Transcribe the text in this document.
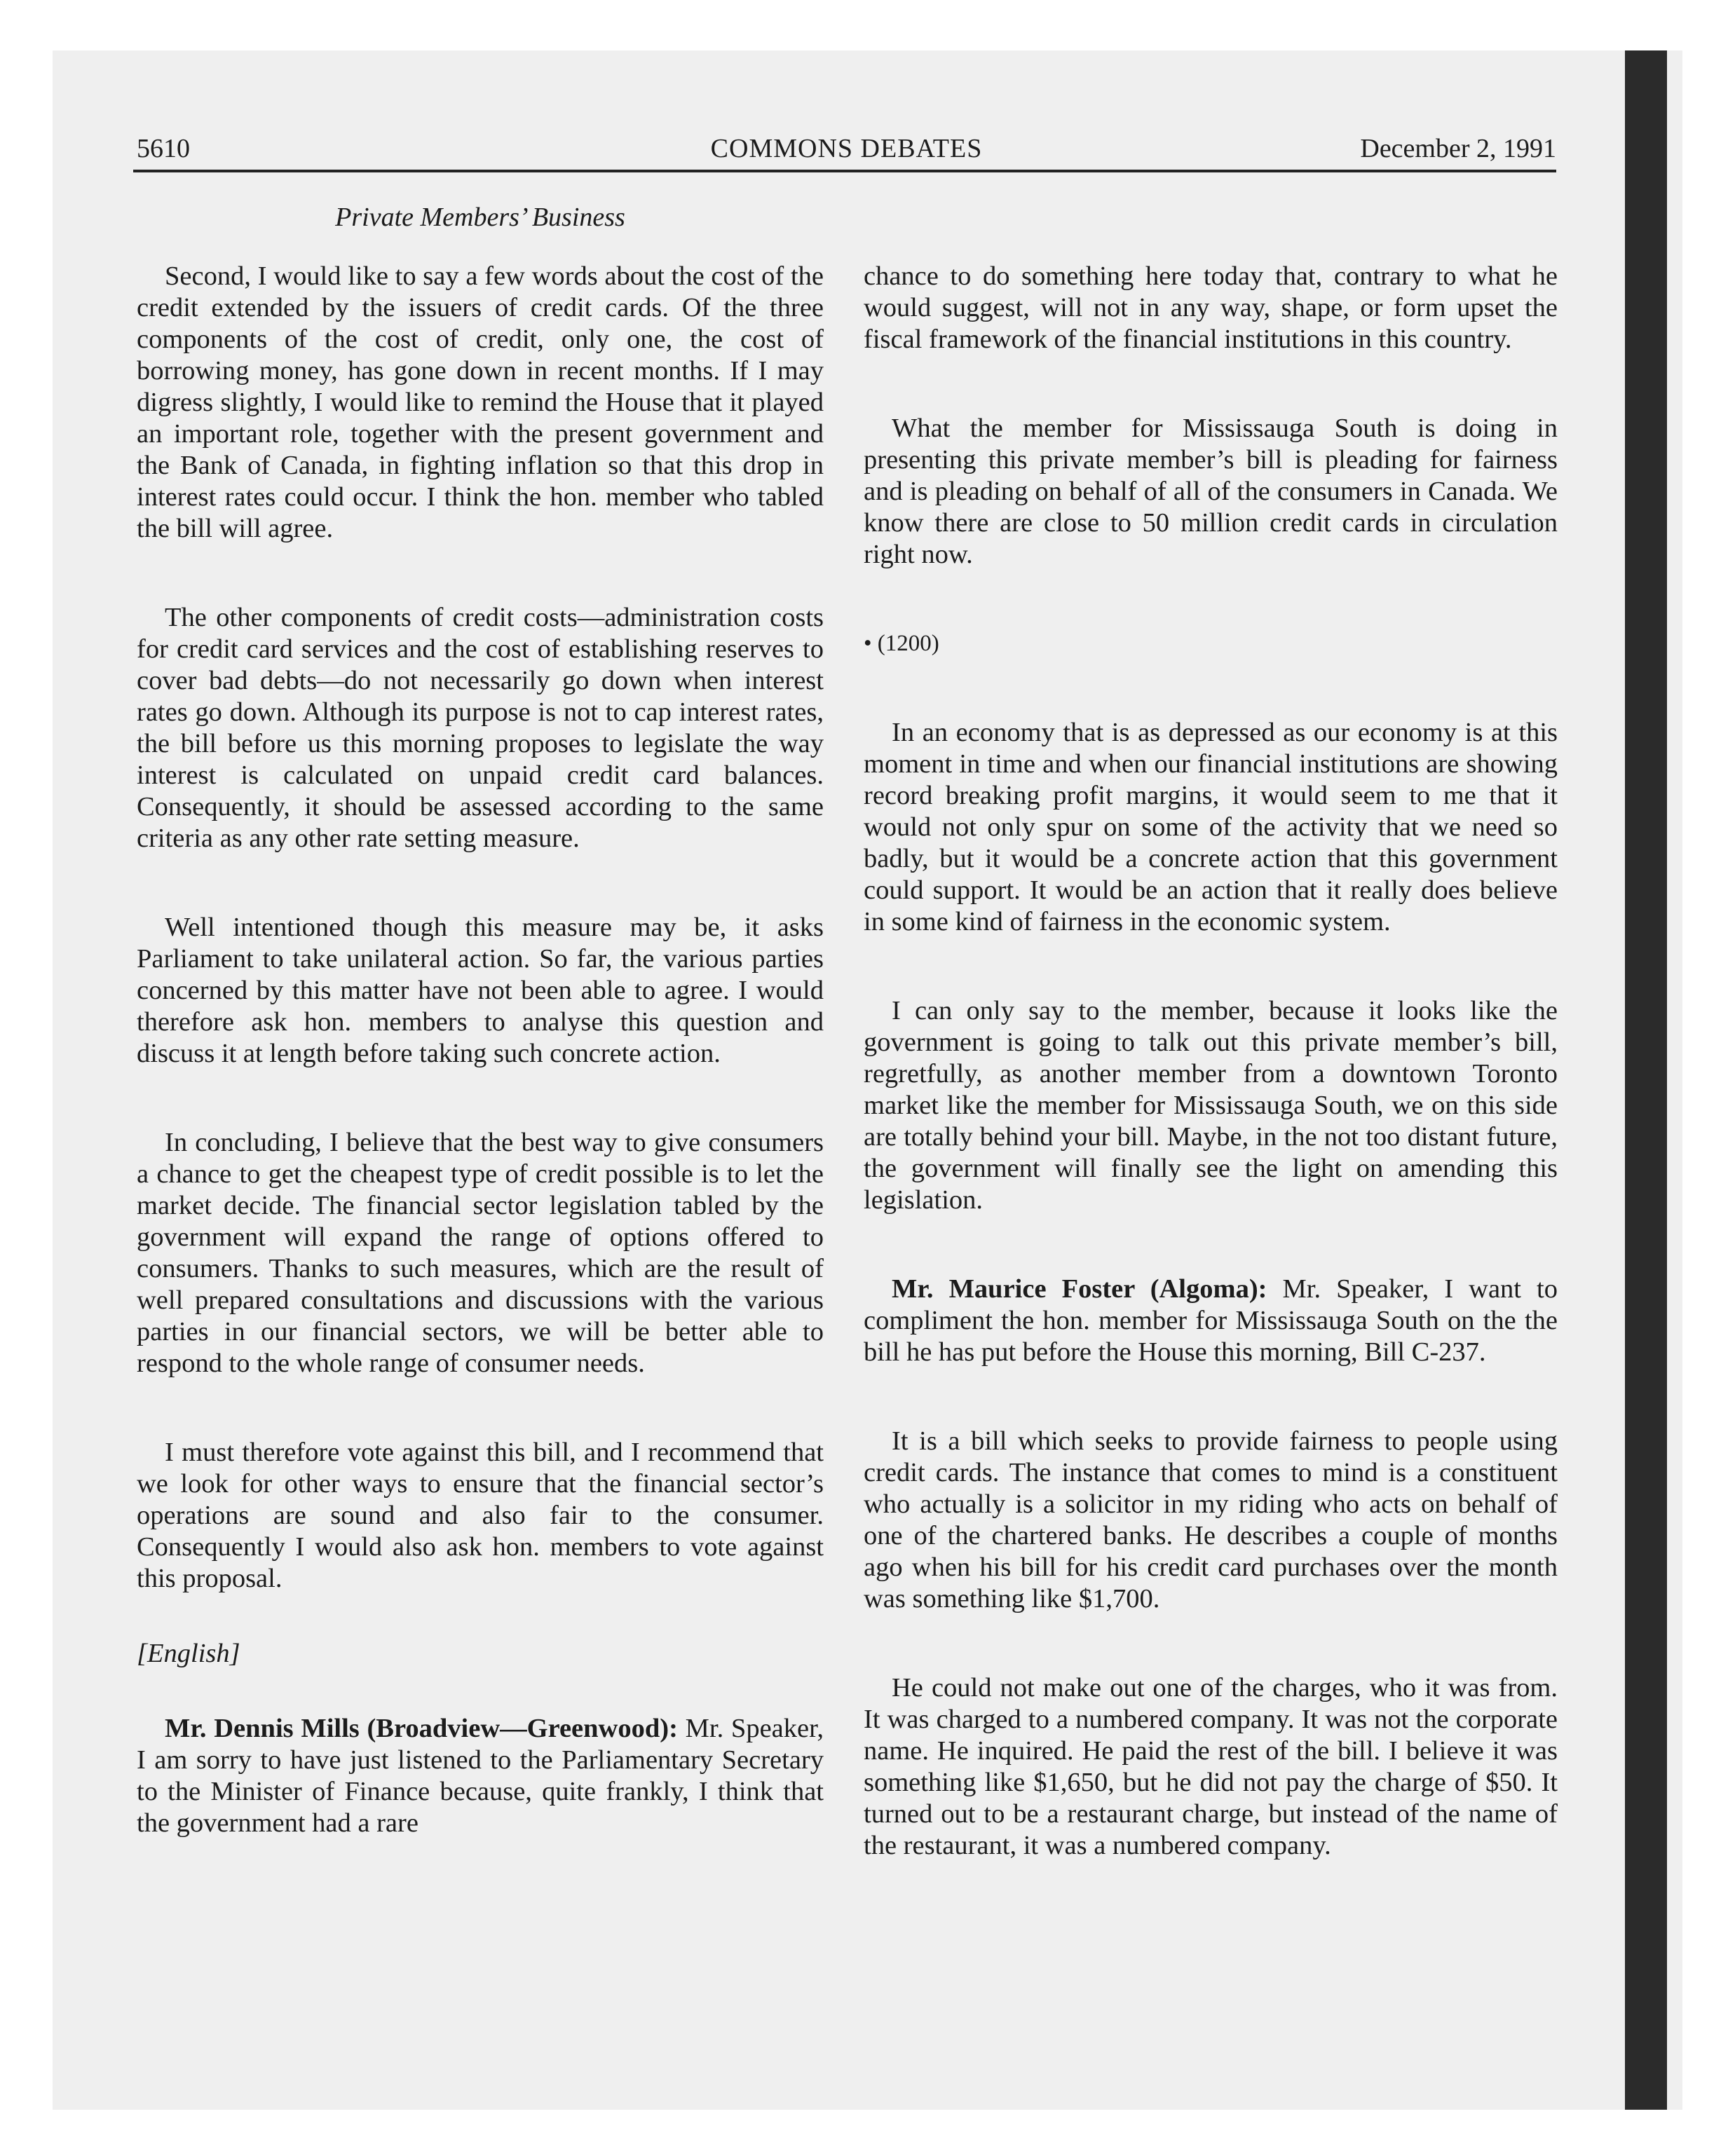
5610	COMMONS DEBATES	December 2, 1991
Private Members’ Business

Second, I would like to say a few words about the cost of the credit extended by the issuers of credit cards. Of the three components of the cost of credit, only one, the cost of borrowing money, has gone down in recent months. If I may digress slightly, I would like to remind the House that it played an important role, together with the present government and the Bank of Canada, in fighting inflation so that this drop in interest rates could occur. I think the hon. member who tabled the bill will agree.

The other components of credit costs—administration costs for credit card services and the cost of establishing reserves to cover bad debts—do not necessarily go down when interest rates go down. Although its purpose is not to cap interest rates, the bill before us this morning proposes to legislate the way interest is calculated on unpaid credit card balances. Consequently, it should be assessed according to the same criteria as any other rate setting measure.

Well intentioned though this measure may be, it asks Parliament to take unilateral action. So far, the various parties concerned by this matter have not been able to agree. I would therefore ask hon. members to analyse this question and discuss it at length before taking such concrete action.

In concluding, I believe that the best way to give consumers a chance to get the cheapest type of credit possible is to let the market decide. The financial sector legislation tabled by the government will expand the range of options offered to consumers. Thanks to such measures, which are the result of well prepared consultations and discussions with the various parties in our financial sectors, we will be better able to respond to the whole range of consumer needs.

I must therefore vote against this bill, and I recommend that we look for other ways to ensure that the financial sector’s operations are sound and also fair to the consumer. Consequently I would also ask hon. members to vote against this proposal.

[English]

Mr. Dennis Mills (Broadview—Greenwood): Mr. Speaker, I am sorry to have just listened to the Parliamentary Secretary to the Minister of Finance because, quite frankly, I think that the government had a rare

chance to do something here today that, contrary to what he would suggest, will not in any way, shape, or form upset the fiscal framework of the financial institutions in this country.

What the member for Mississauga South is doing in presenting this private member’s bill is pleading for fairness and is pleading on behalf of all of the consumers in Canada. We know there are close to 50 million credit cards in circulation right now.

• (1200)

In an economy that is as depressed as our economy is at this moment in time and when our financial institutions are showing record breaking profit margins, it would seem to me that it would not only spur on some of the activity that we need so badly, but it would be a concrete action that this government could support. It would be an action that it really does believe in some kind of fairness in the economic system.

I can only say to the member, because it looks like the government is going to talk out this private member’s bill, regretfully, as another member from a downtown Toronto market like the member for Mississauga South, we on this side are totally behind your bill. Maybe, in the not too distant future, the government will finally see the light on amending this legislation.

Mr. Maurice Foster (Algoma): Mr. Speaker, I want to compliment the hon. member for Mississauga South on the the bill he has put before the House this morning, Bill C-237.

It is a bill which seeks to provide fairness to people using credit cards. The instance that comes to mind is a constituent who actually is a solicitor in my riding who acts on behalf of one of the chartered banks. He describes a couple of months ago when his bill for his credit card purchases over the month was something like $1,700.

He could not make out one of the charges, who it was from. It was charged to a numbered company. It was not the corporate name. He inquired. He paid the rest of the bill. I believe it was something like $1,650, but he did not pay the charge of $50. It turned out to be a restaurant charge, but instead of the name of the restaurant, it was a numbered company.
